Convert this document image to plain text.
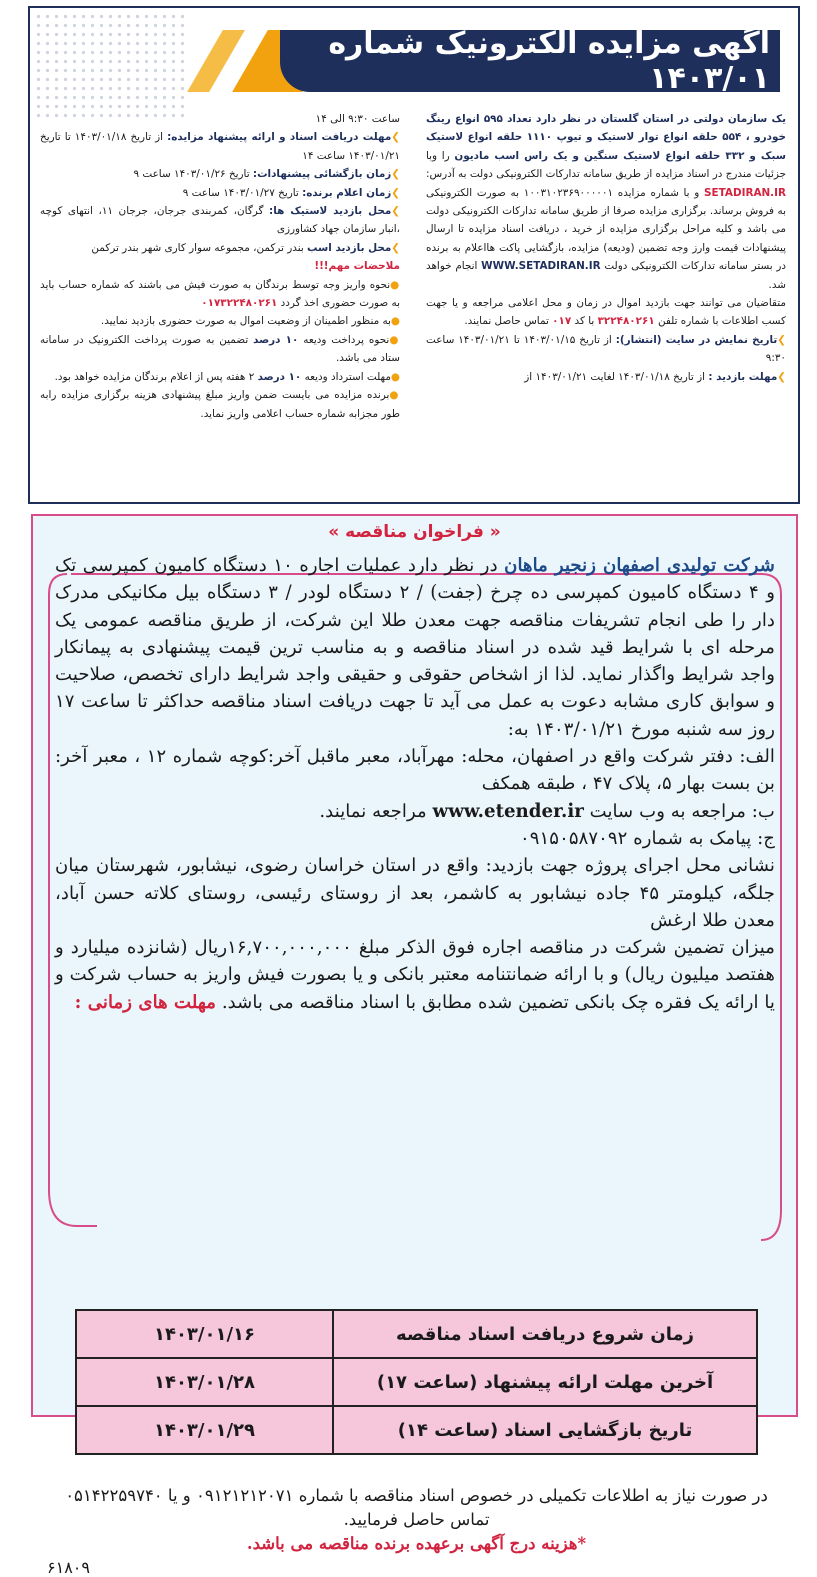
آگهی مزایده الکترونیک شماره ۱۴۰۳/۰۱

یک سازمان دولتی در استان گلستان در نظر دارد تعداد ۵۹۵ انواع رینگ خودرو ، ۵۵۴ حلقه انواع توار لاستیک و تیوپ ۱۱۱۰ حلقه انواع لاستیک سبک و ۳۳۲ حلقه انواع لاستیک سنگین و یک راس اسب مادیون را وبا جزئیات مندرج در اسناد مزایده از طریق سامانه تدارکات الکترونیکی دولت به آدرس: SETADIRAN.IR و با شماره مزایده ۱۰۰۳۱۰۲۳۶۹۰۰۰۰۰۱ به صورت الکترونیکی به فروش برساند. برگزاری مزایده صرفا از طریق سامانه تدارکات الکترونیکی دولت می باشد و کلیه مراحل برگزاری مزایده از خرید ، دریافت اسناد مزایده تا ارسال پیشنهادات قیمت وارز وجه تضمین (ودیعه) مزایده، بازگشایی پاکت هااعلام به برنده در بستر سامانه تدارکات الکترونیکی دولت WWW.SETADIRAN.IR انجام خواهد شد.

متقاضیان می توانند جهت بازدید اموال در زمان و محل اعلامی مراجعه و یا جهت کسب اطلاعات با شماره تلفن ۳۲۲۴۸۰۲۶۱ با کد ۰۱۷ تماس حاصل نمایند.

❯تاریخ نمایش در سایت (انتشار): از تاریخ ۱۴۰۳/۰۱/۱۵ تا ۱۴۰۳/۰۱/۲۱ ساعت ۹:۳۰

❯مهلت بازدید : از تاریخ ۱۴۰۳/۰۱/۱۸ لغایت ۱۴۰۳/۰۱/۲۱ از

ساعت ۹:۳۰ الی ۱۴

❯مهلت دریافت اسناد و ارائه پیشنهاد مزایده: از تاریخ ۱۴۰۳/۰۱/۱۸ تا تاریخ ۱۴۰۳/۰۱/۲۱ ساعت ۱۴

❯زمان بازگشائی پیشنهادات: تاریخ ۱۴۰۳/۰۱/۲۶ ساعت ۹

❯زمان اعلام برنده: تاریخ ۱۴۰۳/۰۱/۲۷ ساعت ۹

❯محل بازدید لاستیک ها: گرگان، کمربندی جرجان، جرجان ۱۱، انتهای کوچه ،انبار سازمان جهاد کشاورزی

❯محل بازدید اسب بندر ترکمن، مجموعه سوار کاری شهر بندر ترکمن

ملاحضات مهم!!!

●نحوه واریز وجه توسط برندگان به صورت فیش می باشند که شماره حساب باید به صورت حضوری اخذ گردد ۰۱۷۳۲۲۴۸۰۲۶۱

●به منظور اطمینان از وضعیت اموال به صورت حضوری بازدید نمایید.

●نحوه پرداخت ودیعه ۱۰ درصد تضمین به صورت پرداخت الکترونیک در سامانه ستاد می باشد.

●مهلت استرداد ودیعه ۱۰ درصد ۲ هفته پس از اعلام برندگان مزایده خواهد بود.

●برنده مزایده می بایست ضمن واریز مبلغ پیشنهادی هزینه برگزاری مزایده رابه طور مجزابه شماره حساب اعلامی واریز نماید.

« فراخوان مناقصه »

شرکت تولیدی اصفهان زنجیر ماهان در نظر دارد عملیات اجاره ۱۰ دستگاه کامیون کمپرسی تک و ۴ دستگاه کامیون کمپرسی ده چرخ (جفت) / ۲ دستگاه لودر / ۳ دستگاه بیل مکانیکی مدرک دار را طی انجام تشریفات مناقصه جهت معدن طلا این شرکت، از طریق مناقصه عمومی یک مرحله ای با شرایط قید شده در اسناد مناقصه و به مناسب ترین قیمت پیشنهادی به پیمانکار واجد شرایط واگذار نماید. لذا از اشخاص حقوقی و حقیقی واجد شرایط دارای تخصص، صلاحیت و سوابق کاری مشابه دعوت به عمل می آید تا جهت دریافت اسناد مناقصه حداکثر تا ساعت ۱۷ روز سه شنبه مورخ ۱۴۰۳/۰۱/۲۱ به:

الف: دفتر شرکت واقع در اصفهان، محله: مهرآباد، معبر ماقبل آخر:کوچه شماره ۱۲ ، معبر آخر: بن بست بهار ۵، پلاک ۴۷ ، طبقه همکف

ب: مراجعه به وب سایت www.etender.ir مراجعه نمایند.

ج: پیامک به شماره ۰۹۱۵۰۵۸۷۰۹۲

نشانی محل اجرای پروژه جهت بازدید: واقع در استان خراسان رضوی، نیشابور، شهرستان میان جلگه، کیلومتر ۴۵ جاده نیشابور به کاشمر، بعد از روستای رئیسی، روستای کلاته حسن آباد، معدن طلا ارغش

میزان تضمین شرکت در مناقصه اجاره فوق الذکر مبلغ ۱۶,۷۰۰,۰۰۰,۰۰۰ریال (شانزده میلیارد و هفتصد میلیون ریال) و با ارائه ضمانتنامه معتبر بانکی و یا بصورت فیش واریز به حساب شرکت و یا ارائه یک فقره چک بانکی تضمین شده مطابق با اسناد مناقصه می باشد. مهلت های زمانی :

زمان شروع دریافت اسناد مناقصه	۱۴۰۳/۰۱/۱۶
آخرین مهلت ارائه پیشنهاد (ساعت ۱۷)	۱۴۰۳/۰۱/۲۸
تاریخ بازگشایی اسناد (ساعت ۱۴)	۱۴۰۳/۰۱/۲۹

در صورت نیاز به اطلاعات تکمیلی در خصوص اسناد مناقصه با شماره ۰۹۱۲۱۲۱۲۰۷۱ و یا ۰۵۱۴۲۲۵۹۷۴۰ تماس حاصل فرمایید.

*هزینه درج آگهی برعهده برنده مناقصه می باشد.

۶۱۸۰۹
